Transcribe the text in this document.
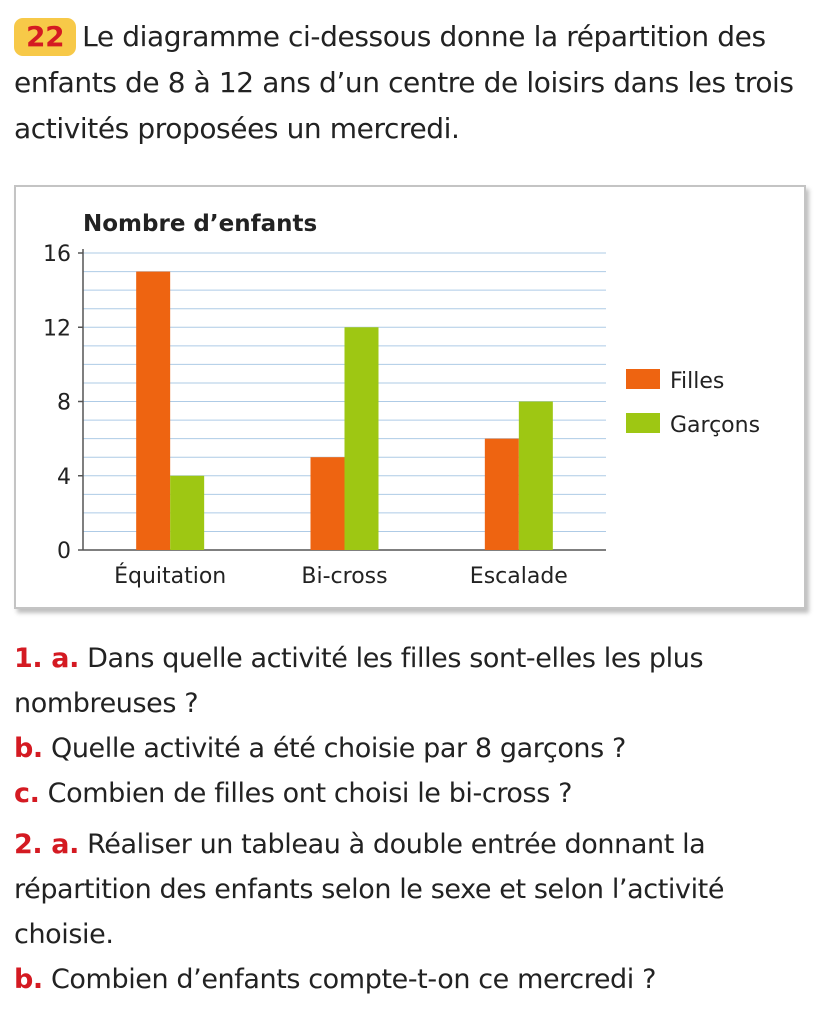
22 Le diagramme ci-dessous donne la répartition des enfants de 8 à 12 ans d’un centre de loisirs dans les trois activités proposées un mercredi.
0
4
8
12
16
Nombre d’enfants
Équitation	Bi-cross	Escalade
Filles
Garçons

1. a. Dans quelle activité les filles sont-elles les plus nombreuses ?

b. Quelle activité a été choisie par 8 garçons ?

c. Combien de filles ont choisi le bi-cross ?

2. a. Réaliser un tableau à double entrée donnant la répartition des enfants selon le sexe et selon l’activité choisie.

b. Combien d’enfants compte-t-on ce mercredi ?
